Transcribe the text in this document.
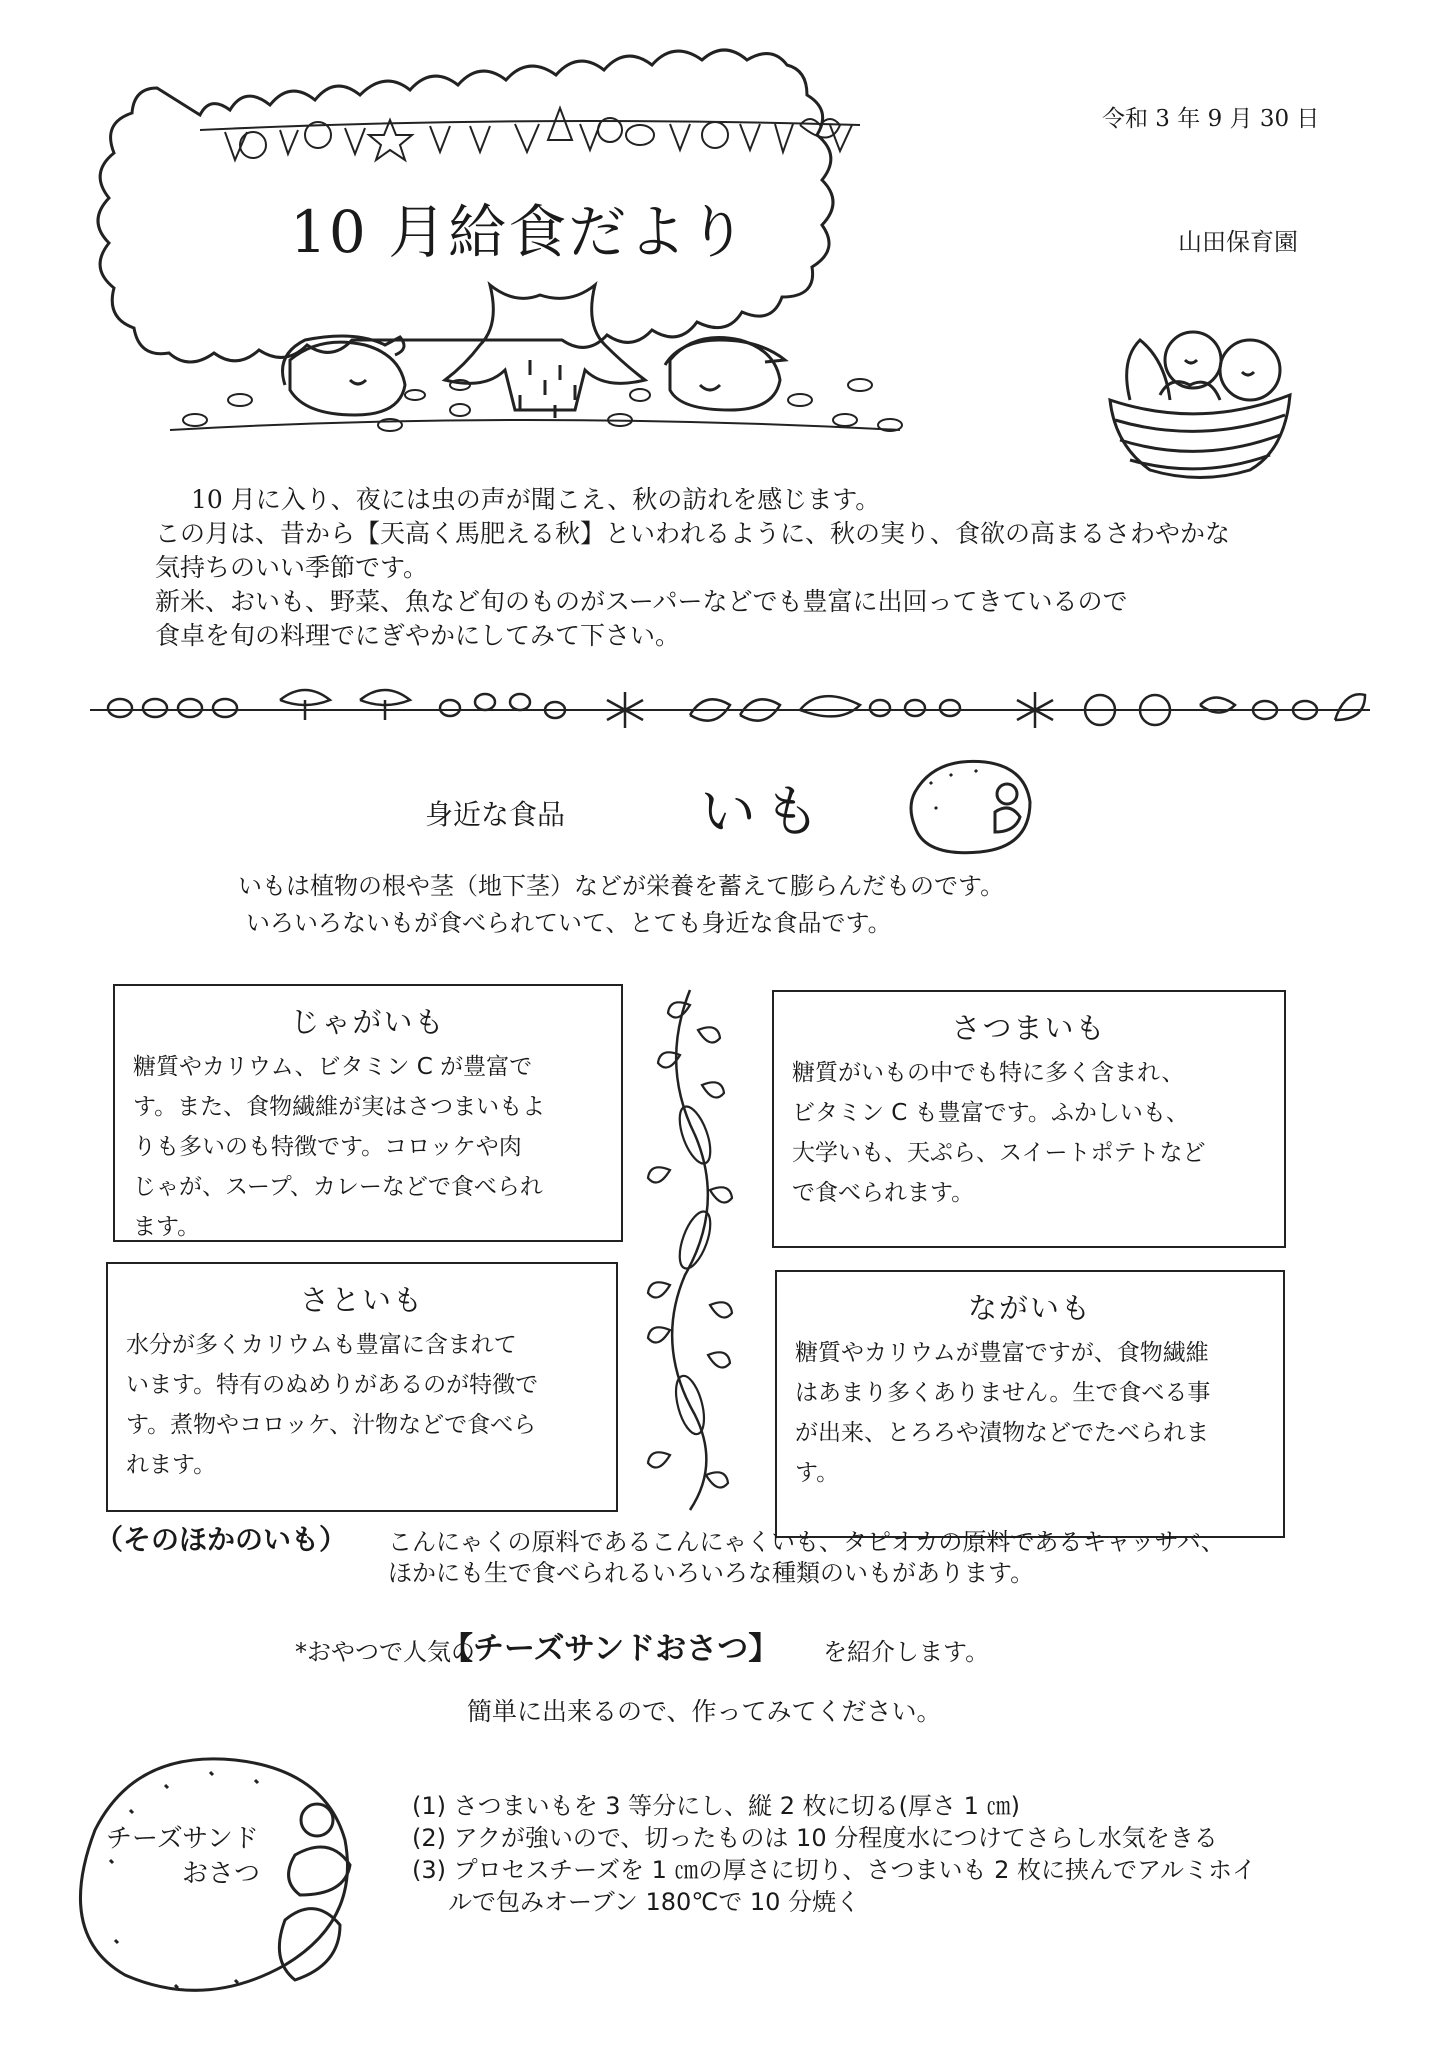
10 月給食だより
令和 3 年 9 月 30 日
山田保育園
10 月に入り、夜には虫の声が聞こえ、秋の訪れを感じます。
この月は、昔から【天高く馬肥える秋】といわれるように、秋の実り、食欲の高まるさわやかな
気持ちのいい季節です。
新米、おいも、野菜、魚など旬のものがスーパーなどでも豊富に出回ってきているので
食卓を旬の料理でにぎやかにしてみて下さい。
身近な食品 いも
いもは植物の根や茎（地下茎）などが栄養を蓄えて膨らんだものです。
いろいろないもが食べられていて、とても身近な食品です。
じゃがいも
糖質やカリウム、ビタミン C が豊富で
す。また、食物繊維が実はさつまいもよ
りも多いのも特徴です。コロッケや肉
じゃが、スープ、カレーなどで食べられ
ます。
さつまいも
糖質がいもの中でも特に多く含まれ、
ビタミン C も豊富です。ふかしいも、
大学いも、天ぷら、スイートポテトなど
で食べられます。
さといも
水分が多くカリウムも豊富に含まれて
います。特有のぬめりがあるのが特徴で
す。煮物やコロッケ、汁物などで食べら
れます。
ながいも
糖質やカリウムが豊富ですが、食物繊維
はあまり多くありません。生で食べる事
が出来、とろろや漬物などでたべられま
す。
（そのほかのいも） こんにゃくの原料であるこんにゃくいも、タピオカの原料であるキャッサバ、
ほかにも生で食べられるいろいろな種類のいもがあります。
*おやつで人気の
【チーズサンドおさつ】 を紹介します。
簡単に出来るので、作ってみてください。
チーズサンド
おさつ
(1) さつまいもを 3 等分にし、縦 2 枚に切る(厚さ 1 ㎝)
(2) アクが強いので、切ったものは 10 分程度水につけてさらし水気をきる
(3) プロセスチーズを 1 ㎝の厚さに切り、さつまいも 2 枚に挟んでアルミホイ
ルで包みオーブン 180℃で 10 分焼く
